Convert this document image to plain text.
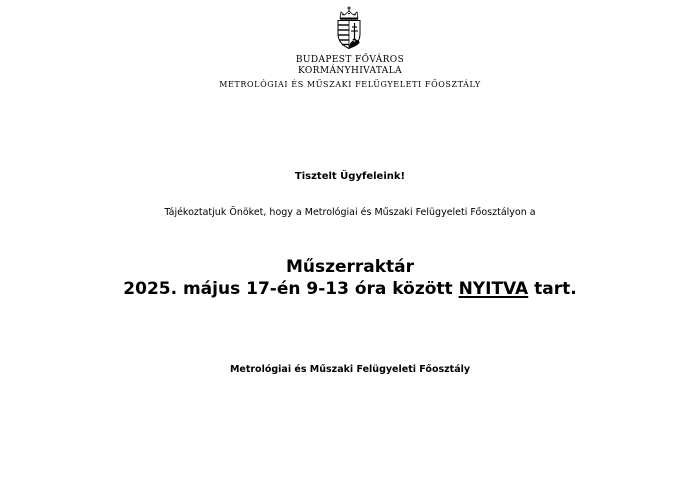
BUDAPEST FŐVÁROS
KORMÁNYHIVATALA
METROLÓGIAI ÉS MŰSZAKI FELÜGYELETI FŐOSZTÁLY
Tisztelt Ügyfeleink!
Tájékoztatjuk Önöket, hogy a Metrológiai és Műszaki Felügyeleti Főosztályon a
Műszerraktár
2025. május 17-én 9-13 óra között NYITVA tart.
Metrológiai és Műszaki Felügyeleti Főosztály
